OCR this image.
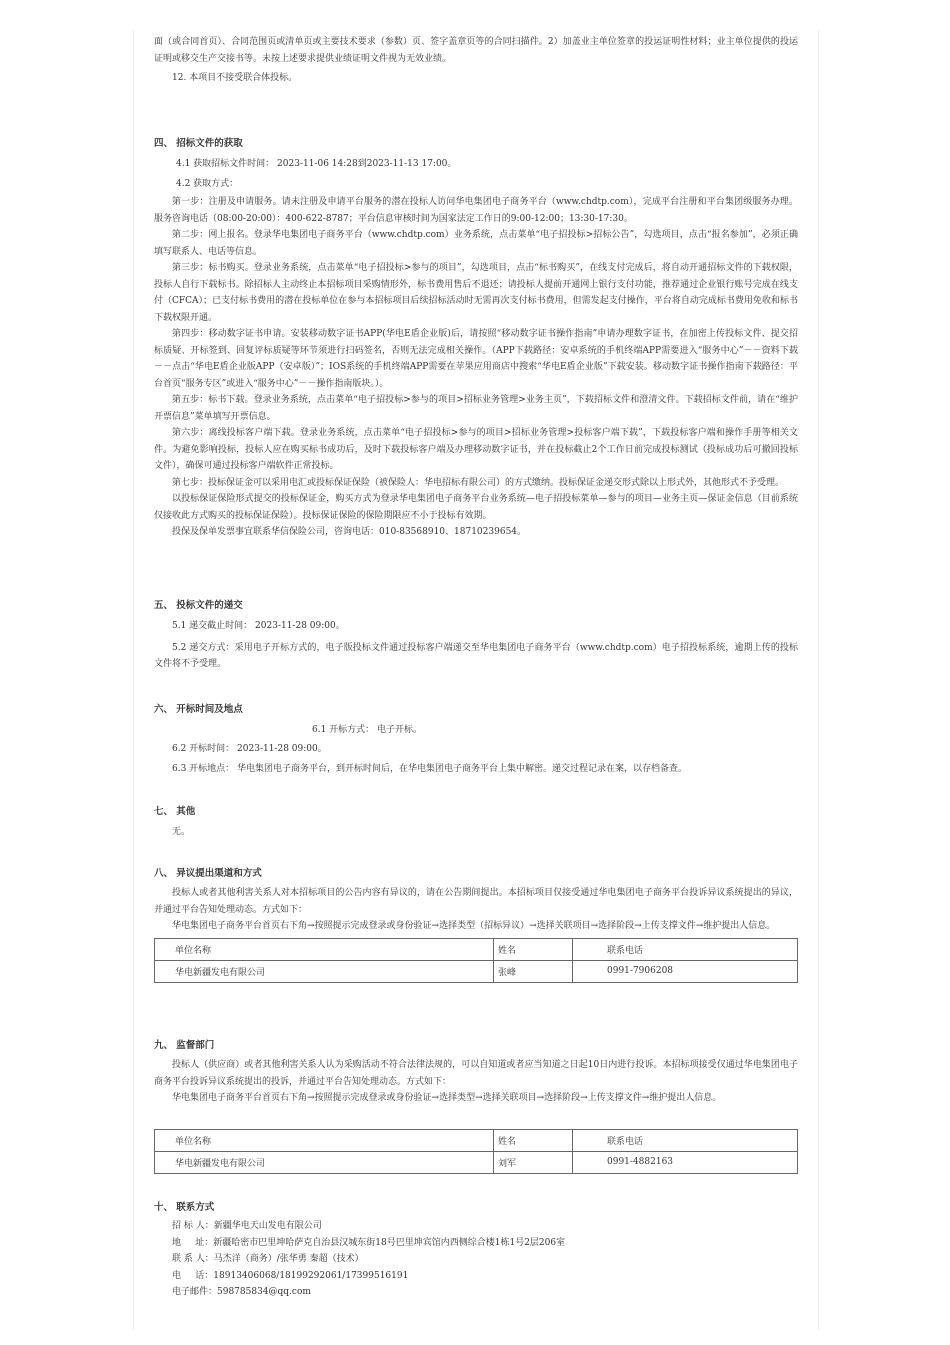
面（或合同首页）、合同范围页或清单页或主要技术要求（参数）页、签字盖章页等的合同扫描件。2）加盖业主单位签章的投运证明性材料；业主单位提供的投运证明或移交生产交接书等。未按上述要求提供业绩证明文件视为无效业绩。

12. 本项目不接受联合体投标。

四、 招标文件的获取

4.1 获取招标文件时间： 2023-11-06 14:28到2023-11-13 17:00。

4.2 获取方式：

第一步：注册及申请服务。请未注册及申请平台服务的潜在投标人访问华电集团电子商务平台（www.chdtp.com），完成平台注册和平台集团级服务办理。服务咨询电话（08:00-20:00）：400-622-8787；平台信息审核时间为国家法定工作日的9:00-12:00；13:30-17:30。

第二步：网上报名。登录华电集团电子商务平台（www.chdtp.com）业务系统，点击菜单“电子招投标>招标公告”，勾选项目，点击“报名参加”，必须正确填写联系人、电话等信息。

第三步：标书购买。登录业务系统，点击菜单“电子招投标>参与的项目”，勾选项目，点击“标书购买”，在线支付完成后，将自动开通招标文件的下载权限，投标人自行下载标书。除招标人主动终止本招标项目采购情形外，标书费用售后不退还；请投标人提前开通网上银行支付功能，推荐通过企业银行账号完成在线支付（CFCA）；已支付标书费用的潜在投标单位在参与本招标项目后续招标活动时无需再次支付标书费用，但需发起支付操作，平台将自动完成标书费用免收和标书下载权限开通。

第四步：移动数字证书申请。安装移动数字证书APP(华电E盾企业版)后，请按照“移动数字证书操作指南”申请办理数字证书，在加密上传投标文件、提交招标质疑、开标签到、回复评标质疑等环节须进行扫码签名，否则无法完成相关操作。（APP下载路径：安卓系统的手机终端APP需要进入“服务中心”－－资料下载－－点击“华电E盾企业版APP（安卓版）”；IOS系统的手机终端APP需要在苹果应用商店中搜索“华电E盾企业版”下载安装。移动数字证书操作指南下载路径：平台首页“服务专区”或进入“服务中心”－－操作指南版块。）。

第五步：标书下载。登录业务系统，点击菜单“电子招投标>参与的项目>招标业务管理>业务主页”，下载招标文件和澄清文件。下载招标文件前，请在“维护开票信息”菜单填写开票信息。

第六步：离线投标客户端下载。登录业务系统，点击菜单“电子招投标>参与的项目>招标业务管理>投标客户端下载”，下载投标客户端和操作手册等相关文件。为避免影响投标，投标人应在购买标书成功后，及时下载投标客户端及办理移动数字证书，并在投标截止2个工作日前完成投标测试（投标成功后可撤回投标文件），确保可通过投标客户端软件正常投标。

第七步：投标保证金可以采用电汇或投标保证保险（被保险人：华电招标有限公司）的方式缴纳。投标保证金递交形式除以上形式外，其他形式不予受理。

以投标保证保险形式提交的投标保证金，购买方式为登录华电集团电子商务平台业务系统—电子招投标菜单—参与的项目—业务主页—保证金信息（目前系统仅接收此方式购买的投标保证保险）。投标保证保险的保险期限应不小于投标有效期。

投保及保单发票事宜联系华信保险公司，咨询电话：010-83568910、18710239654。

五、 投标文件的递交

5.1 递交截止时间： 2023-11-28 09:00。

5.2 递交方式：采用电子开标方式的，电子版投标文件通过投标客户端递交至华电集团电子商务平台（www.chdtp.com）电子招投标系统，逾期上传的投标文件将不予受理。

六、 开标时间及地点

6.1 开标方式： 电子开标。

6.2 开标时间： 2023-11-28 09:00。

6.3 开标地点： 华电集团电子商务平台，到开标时间后，在华电集团电子商务平台上集中解密。递交过程记录在案，以存档备查。

七、 其他

无。

八、 异议提出渠道和方式

投标人或者其他利害关系人对本招标项目的公告内容有异议的，请在公告期间提出。本招标项目仅接受通过华电集团电子商务平台投诉异议系统提出的异议，并通过平台告知处理动态。方式如下：

华电集团电子商务平台首页右下角→按照提示完成登录或身份验证→选择类型（招标异议）→选择关联项目→选择阶段→上传支撑文件→维护提出人信息。

单位名称	姓名	联系电话
华电新疆发电有限公司	张峰	0991-7906208
九、 监督部门

投标人（供应商）或者其他利害关系人认为采购活动不符合法律法规的，可以自知道或者应当知道之日起10日内进行投诉。本招标项接受仅通过华电集团电子商务平台投诉异议系统提出的投诉，并通过平台告知处理动态。方式如下：

华电集团电子商务平台首页右下角→按照提示完成登录或身份验证→选择类型→选择关联项目→选择阶段→上传支撑文件→维护提出人信息。

单位名称	姓名	联系电话
华电新疆发电有限公司	刘军	0991-4882163
十、 联系方式

招 标 人：新疆华电天山发电有限公司

地     址：新疆哈密市巴里坤哈萨克自治县汉城东街18号巴里坤宾馆内西侧综合楼1栋1号2层206室

联 系 人：马杰洋（商务）/张华勇 秦超（技术）

电     话：18913406068/18199292061/17399516191

电子邮件：598785834@qq.com
